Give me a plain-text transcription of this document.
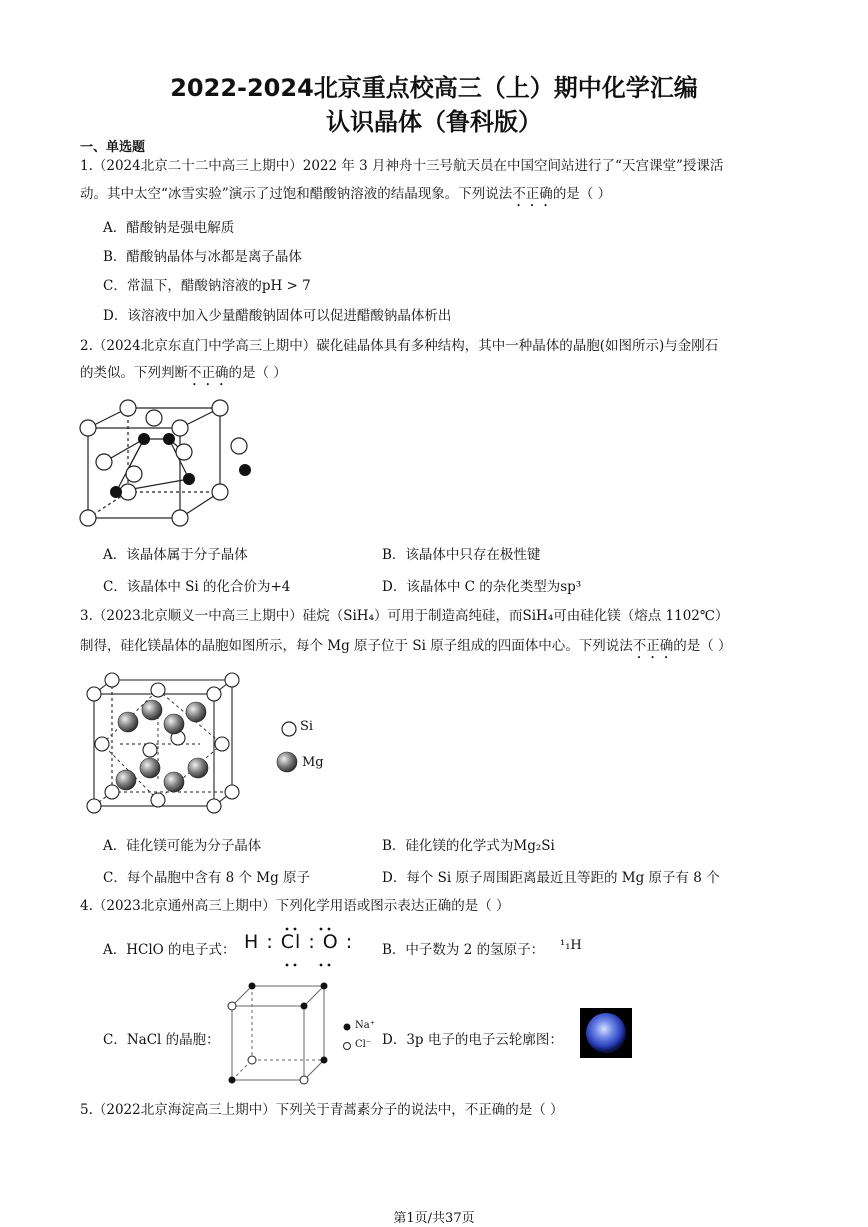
2022-2024北京重点校高三（上）期中化学汇编
认识晶体（鲁科版）
一、单选题
1.（2024北京二十二中高三上期中）2022 年 3 月神舟十三号航天员在中国空间站进行了“天宫课堂”授课活
动。其中太空“冰雪实验”演示了过饱和醋酸钠溶液的结晶现象。下列说法不正确的是（ ）
A．醋酸钠是强电解质
B．醋酸钠晶体与冰都是离子晶体
C．常温下，醋酸钠溶液的pH > 7
D．该溶液中加入少量醋酸钠固体可以促进醋酸钠晶体析出
2.（2024北京东直门中学高三上期中）碳化硅晶体具有多种结构，其中一种晶体的晶胞(如图所示)与金刚石
的类似。下列判断不正确的是（ ）
A．该晶体属于分子晶体	B．该晶体中只存在极性键
C．该晶体中 Si 的化合价为+4	D．该晶体中 C 的杂化类型为sp³
3.（2023北京顺义一中高三上期中）硅烷（SiH₄）可用于制造高纯硅，而SiH₄可由硅化镁（熔点 1102℃）
制得，硅化镁晶体的晶胞如图所示，每个 Mg 原子位于 Si 原子组成的四面体中心。下列说法不正确的是（ ）
Si
Mg
A．硅化镁可能为分子晶体	B．硅化镁的化学式为Mg₂Si
C．每个晶胞中含有 8 个 Mg 原子	D．每个 Si 原子周围距离最近且等距的 Mg 原子有 8 个
4.（2023北京通州高三上期中）下列化学用语或图示表达正确的是（ ）
A．HClO 的电子式： H : Cl : O : B．中子数为 2 的氢原子： ¹₁H
C．NaCl 的晶胞：
Na⁺
Cl⁻ D．3p 电子的电子云轮廓图：
5.（2022北京海淀高三上期中）下列关于青蒿素分子的说法中，不正确的是（ ）
第1页/共37页
